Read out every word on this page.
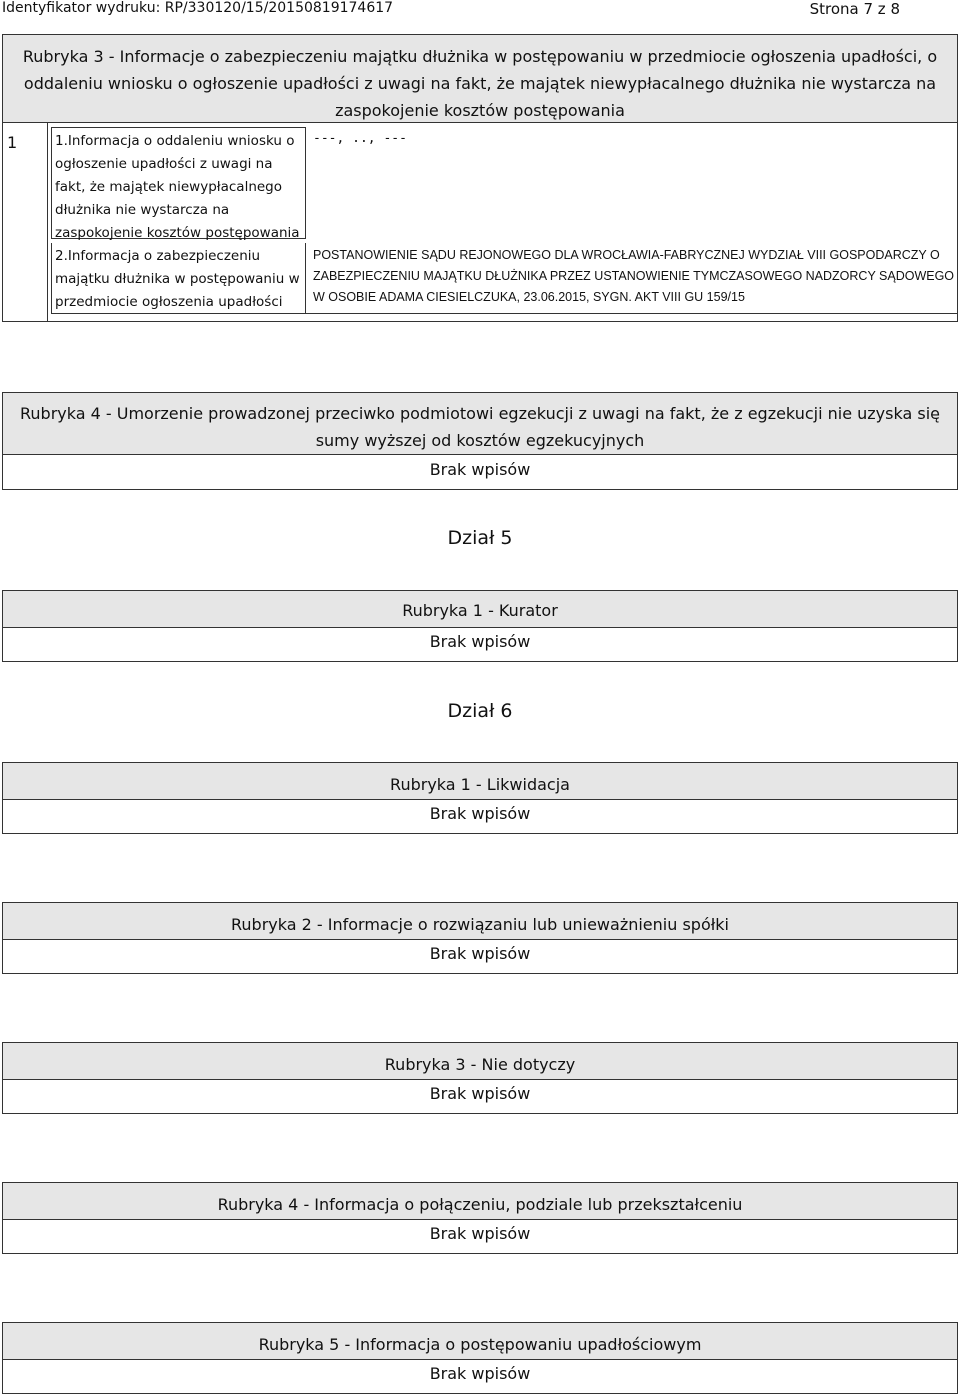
Identyfikator wydruku: RP/330120/15/20150819174617	Strona 7 z 8
Rubryka 3 - Informacje o zabezpieczeniu majątku dłużnika w postępowaniu w przedmiocie ogłoszenia upadłości, o oddaleniu wniosku o ogłoszenie upadłości z uwagi na fakt, że majątek niewypłacalnego dłużnika nie wystarcza na zaspokojenie kosztów postępowania
1	1.Informacja o oddaleniu wniosku o ogłoszenie upadłości z uwagi na fakt, że majątek niewypłacalnego dłużnika nie wystarcza na zaspokojenie kosztów postępowania
---, .., ---
2.Informacja o zabezpieczeniu majątku dłużnika w postępowaniu w przedmiocie ogłoszenia upadłości
POSTANOWIENIE SĄDU REJONOWEGO DLA WROCŁAWIA-FABRYCZNEJ WYDZIAŁ VIII GOSPODARCZY O ZABEZPIECZENIU MAJĄTKU DŁUŻNIKA PRZEZ USTANOWIENIE TYMCZASOWEGO NADZORCY SĄDOWEGO W OSOBIE ADAMA CIESIELCZUKA, 23.06.2015, SYGN. AKT VIII GU 159/15
Rubryka 4 - Umorzenie prowadzonej przeciwko podmiotowi egzekucji z uwagi na fakt, że z egzekucji nie uzyska się sumy wyższej od kosztów egzekucyjnych
Brak wpisów
Dział 5
Rubryka 1 - Kurator
Brak wpisów
Dział 6
Rubryka 1 - Likwidacja
Brak wpisów
Rubryka 2 - Informacje o rozwiązaniu lub unieważnieniu spółki
Brak wpisów
Rubryka 3 - Nie dotyczy
Brak wpisów
Rubryka 4 - Informacja o połączeniu, podziale lub przekształceniu
Brak wpisów
Rubryka 5 - Informacja o postępowaniu upadłościowym
Brak wpisów
